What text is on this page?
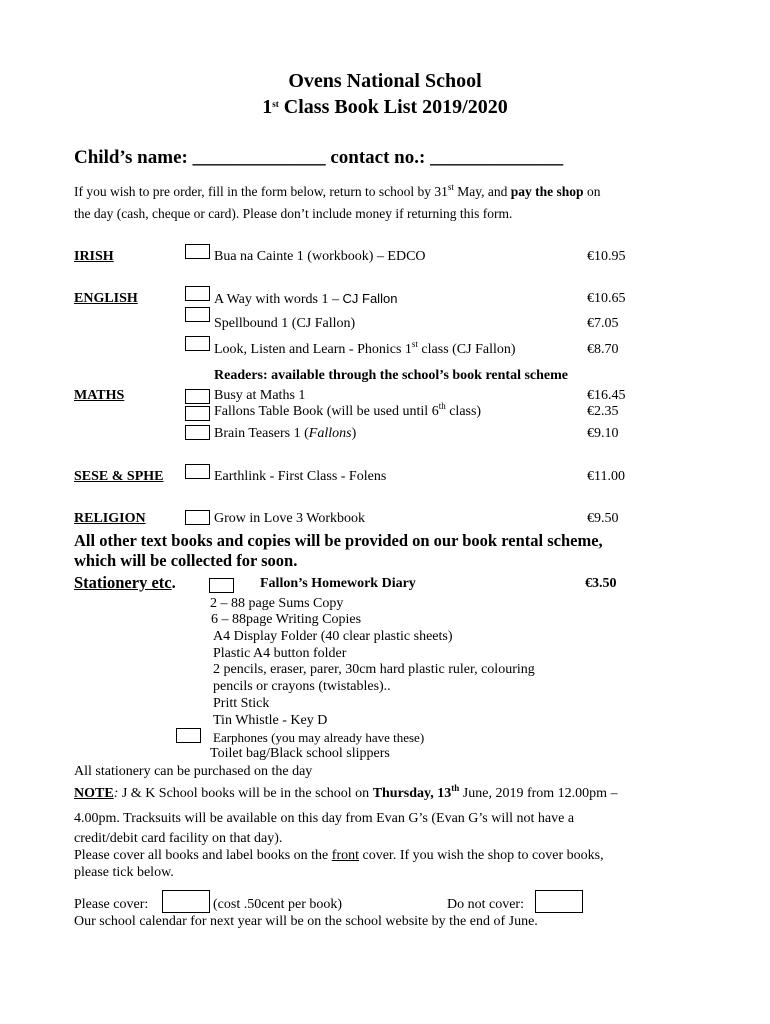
Ovens National School
1st Class Book List 2019/2020
Child’s name: ______________ contact no.: ______________
If you wish to pre order, fill in the form below, return to school by 31st May, and pay the shop on
the day (cash, cheque or card). Please don’t include money if returning this form.
IRISH	Bua na Cainte 1 (workbook) – EDCO	€10.95
ENGLISH	A Way with words 1 – CJ Fallon	€10.65
Spellbound 1 (CJ Fallon)	€7.05
Look, Listen and Learn - Phonics 1st class (CJ Fallon)	€8.70
Readers: available through the school’s book rental scheme
MATHS	Busy at Maths 1	€16.45
Fallons Table Book (will be used until 6th class)	€2.35
Brain Teasers 1 (Fallons)	€9.10
SESE & SPHE	Earthlink - First Class - Folens	€11.00
RELIGION	Grow in Love 3 Workbook	€9.50
All other text books and copies will be provided on our book rental scheme,
which will be collected for soon.
Stationery etc.	Fallon’s Homework Diary	€3.50
2 – 88 page Sums Copy
6 – 88page Writing Copies
A4 Display Folder (40 clear plastic sheets)
Plastic A4 button folder
2 pencils, eraser, parer, 30cm hard plastic ruler, colouring
pencils or crayons (twistables)..
Pritt Stick
Tin Whistle - Key D
Earphones (you may already have these)
Toilet bag/Black school slippers
All stationery can be purchased on the day
NOTE: J & K School books will be in the school on Thursday, 13th June, 2019 from 12.00pm –
4.00pm. Tracksuits will be available on this day from Evan G’s (Evan G’s will not have a
credit/debit card facility on that day).
Please cover all books and label books on the front cover. If you wish the shop to cover books,
please tick below.
Please cover:	(cost .50cent per book)	Do not cover:
Our school calendar for next year will be on the school website by the end of June.
